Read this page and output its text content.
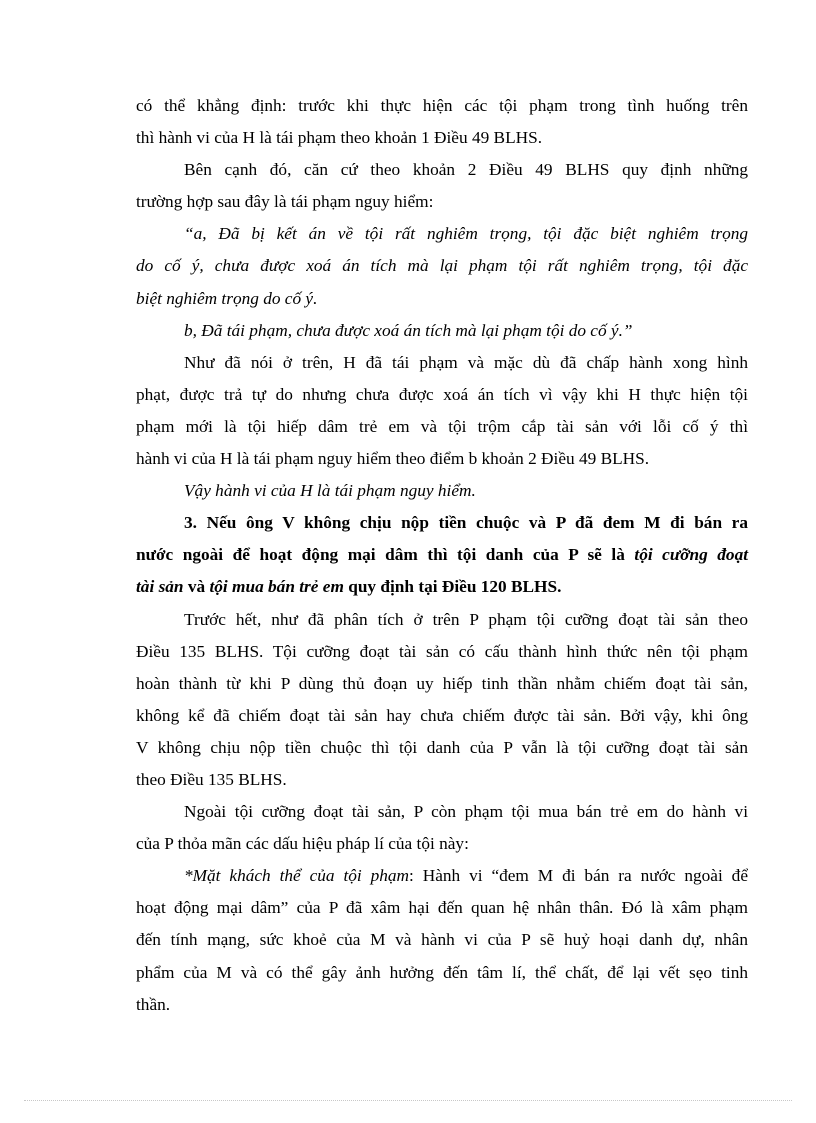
có thể khẳng định: trước khi thực hiện các tội phạm trong tình huống trên
thì hành vi của H là tái phạm theo khoản 1 Điều 49 BLHS.

Bên cạnh đó, căn cứ theo khoản 2 Điều 49 BLHS quy định những
trường hợp sau đây là tái phạm nguy hiểm:

“a, Đã bị kết án về tội rất nghiêm trọng, tội đặc biệt nghiêm trọng
do cố ý, chưa được xoá án tích mà lại phạm tội rất nghiêm trọng, tội đặc
biệt nghiêm trọng do cố ý.

b, Đã tái phạm, chưa được xoá án tích mà lại phạm tội do cố ý.”

Như đã nói ở trên, H đã tái phạm và mặc dù đã chấp hành xong hình
phạt, được trả tự do nhưng chưa được xoá án tích vì vậy khi H thực hiện tội
phạm mới là tội hiếp dâm trẻ em và tội trộm cắp tài sản với lỗi cố ý thì
hành vi của H là tái phạm nguy hiểm theo điểm b khoản 2 Điều 49 BLHS.

Vậy hành vi của H là tái phạm nguy hiểm.

3. Nếu ông V không chịu nộp tiền chuộc và P đã đem M đi bán ra
nước ngoài để hoạt động mại dâm thì tội danh của P sẽ là tội cưỡng đoạt
tài sản và tội mua bán trẻ em quy định tại Điều 120 BLHS.

Trước hết, như đã phân tích ở trên P phạm tội cưỡng đoạt tài sản theo
Điều 135 BLHS. Tội cưỡng đoạt tài sản có cấu thành hình thức nên tội phạm
hoàn thành từ khi P dùng thủ đoạn uy hiếp tinh thần nhằm chiếm đoạt tài sản,
không kể đã chiếm đoạt tài sản hay chưa chiếm được tài sản. Bởi vậy, khi ông
V không chịu nộp tiền chuộc thì tội danh của P vẫn là tội cưỡng đoạt tài sản
theo Điều 135 BLHS.

Ngoài tội cưỡng đoạt tài sản, P còn phạm tội mua bán trẻ em do hành vi
của P thỏa mãn các dấu hiệu pháp lí của tội này:

*Mặt khách thể của tội phạm: Hành vi “đem M đi bán ra nước ngoài để
hoạt động mại dâm” của P đã xâm hại đến quan hệ nhân thân. Đó là xâm phạm
đến tính mạng, sức khoẻ của M và hành vi của P sẽ huỷ hoại danh dự, nhân
phẩm của M và có thể gây ảnh hưởng đến tâm lí, thể chất, để lại vết sẹo tinh
thần.
